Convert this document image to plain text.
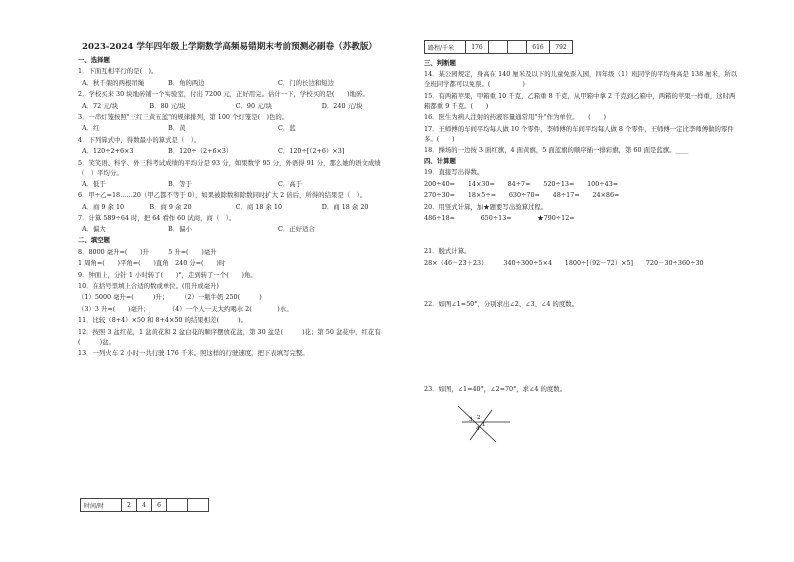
2023-2024 学年四年级上学期数学高频易错期末考前预测必刷卷（苏教版）
一、选择题
1．下面互相平行的是(　)。
A．秋千架的两根吊绳	B．角的两边	C．门的长边和短边
2．学校买来 30 块地砖铺一个实验室，付出 7200 元，正好用完。估计一下，学校买的是(　　)地砖。
A．72 元/块	B．80 元/块	C．90 元/块	D．240 元/块
3．一串灯笼按照"三红三黄五蓝"的规律排列，第 100 个灯笼是(　)色的。
A．红	B．黄	C．蓝
4．下列算式中，得数最小的算式是（　）。
A．120÷2+6×3	B．120÷（2+6×3）	C．120÷[（2+6）×3]
5．笑笑语、科学、外三科考试成绩的平均分是 93 分，如果数学 95 分，外语得 91 分，那么她的语文成绩
（　）平均分。
A．低于	B．等于	C．高于
6．甲÷乙=18……20（甲乙都不等于 0），如果被除数和除数同时扩大 2 倍后，所得的结果是（　）。
A．商 9 余 10	B．商 9 余 20	C．商 18 余 10	D．商 18 余 20
7．计算 589÷64 时，把 64 看作 60 试商，商（　）。
A．偏大	B．偏小	C．正好适合
二、填空题
8．8000 毫升=(　　)升　　　5 升=(　　)毫升
1 周角=(　　)平角=(　　)直角　240 分=(　　)时
9．钟面上，分针 1 小时转了(　　)°，走到转了一个(　　)角。
10．在括号里填上合适的数或单位。(用升或毫升)
（1）5000 毫升=(　　　)升；　　　（2）一瓶牛奶 250(　　　)
（3）3 升=(　　)毫升；　　　　（4）一个人一天大约喝水 2(　　　　)水。
11．比较（8+4）×50 和 8+4×50 的结果相差(　　　)。
12．按照 3 盆红花，1 盆黄花和 2 盆白花的顺序摆放花盆，第 30 盆是(　　　)花；第 50 盆花中，红花有
(　　　)盆。
13．一列火车 2 小时一共行驶 176 千米。照这样的行驶速度，把下表填写完整。
三、判断题
14．某公园规定，身高在 140 厘米及以下的儿童免票入园，四年级（1）班同学的平均身高是 138 厘米，所以
全班同学都可以免票。(　　　　　)
15．有两箱苹果，甲箱重 10 千克，乙箱重 8 千克，从甲箱中拿 2 千克到乙箱中，两箱的苹果一样重，这时两
箱都重 9 千克。(　　)
16．医生为病人注射的药液容量通常用"升"作为单位。　　(　　)
17．王师傅的车间平均每人做 10 个零件，李师傅的车间平均每人做 8 个零件，王师傅一定比李师傅做的零件
多。(　　)
18．操场的一边按 3 面红旗，4 面黄旗，5 面蓝旗的顺序插一排彩旗，第 60 面是蓝旗。____
四、计算题
19．直接写出得数。
200÷40=　　14×30=　　84÷7=　　520÷13=　　100÷43=
270÷30=　　18×5÷=　　630÷70=　　48÷17=　　24×86=
20．用竖式计算，加★题要写出验算过程。
486÷18=　　　　650÷13=　　　　★790÷12=
21．脱式计算。
28×（46－23＋23）　　　340÷300÷5×4　　1800÷[（92－72）×5]　　720－30÷360÷30
22．如图∠1=50°，分别求出∠2、∠3、∠4 的度数。
23．如图，∠1=40°，∠2=70°，求∠4 的度数。
时间/时	2	4	6		
路程/千米	176			616	792
3 2
1
4
